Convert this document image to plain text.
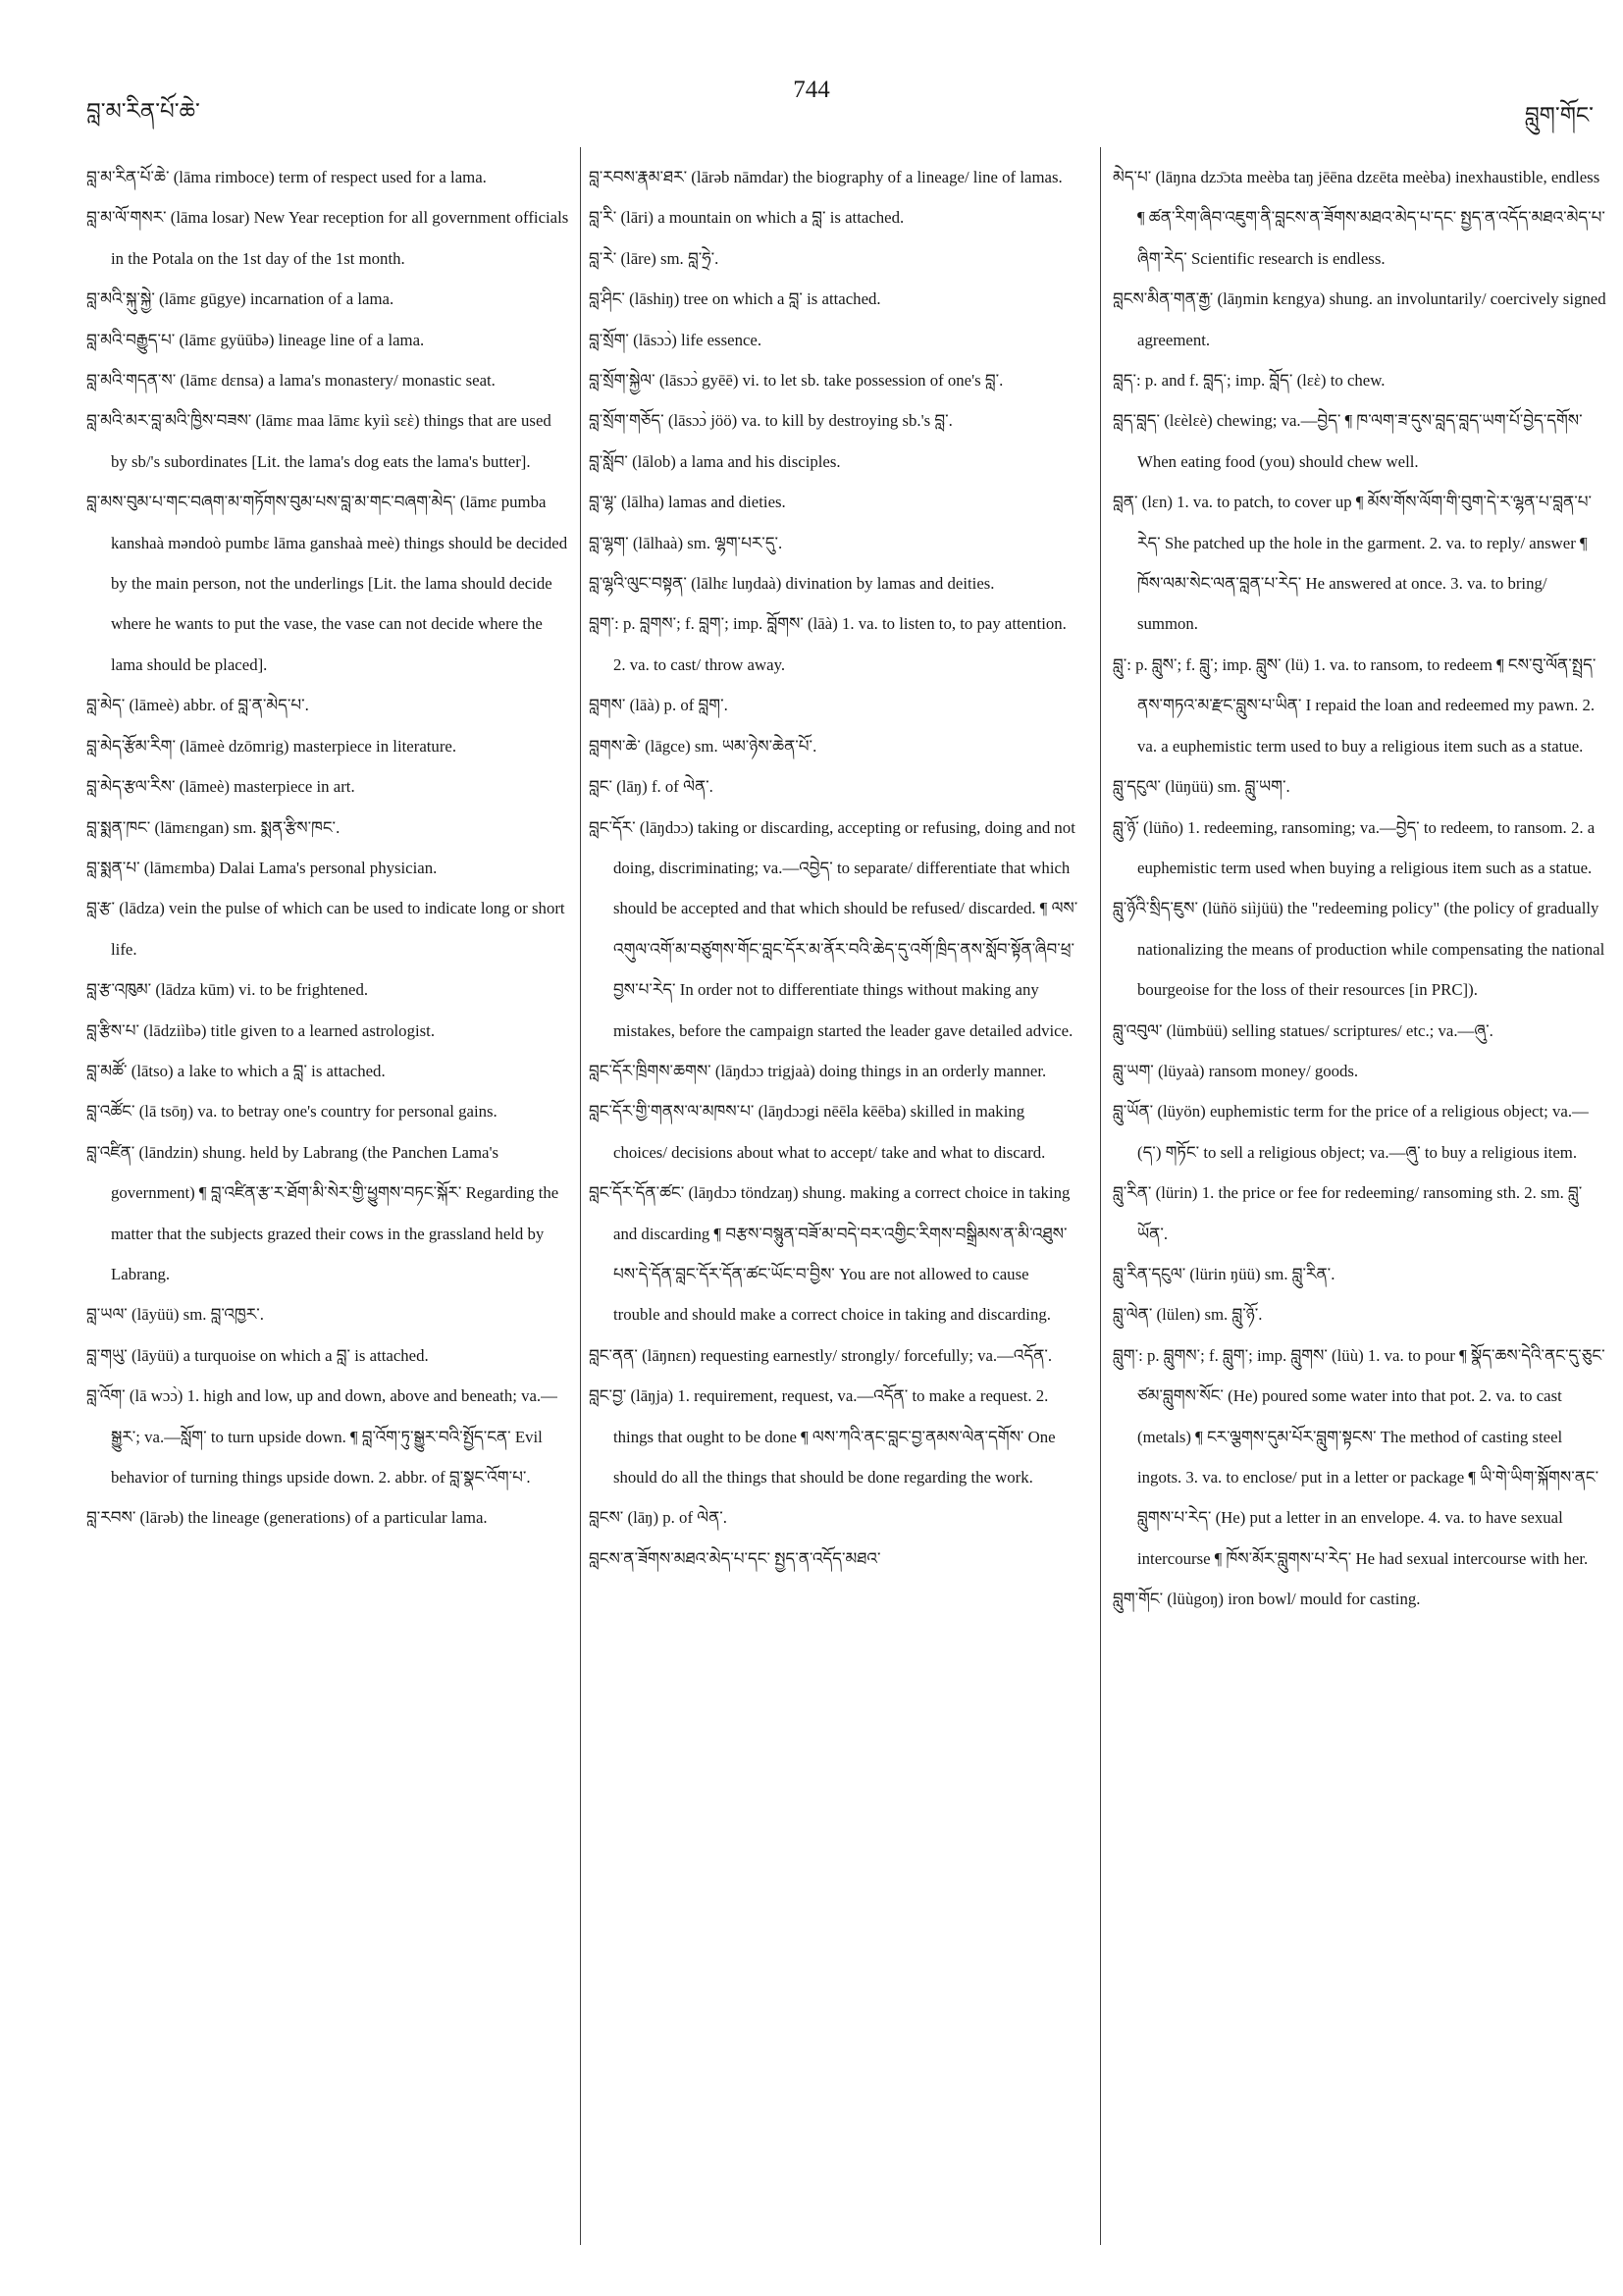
བླ་མ་རིན་པོ་ཆེ་
744
བླུག་གོང་

བླ་མ་རིན་པོ་ཆེ་ (lāma rimboce) term of respect used for a lama.

བླ་མ་ལོ་གསར་ (lāma losar) New Year reception for all government officials in the Potala on the 1st day of the 1st month.

བླ་མའི་སྐུ་སྐྱེ་ (lāmε gūgye) incarnation of a lama.

བླ་མའི་བརྒྱུད་པ་ (lāmε gyüūbə) lineage line of a lama.

བླ་མའི་གདན་ས་ (lāmε dεnsa) a lama's monastery/ monastic seat.

བླ་མའི་མར་བླ་མའི་ཁྱིས་བཟས་ (lāmε maa lāmε kyiì sεὲ) things that are used by sb/'s subordinates [Lit. the lama's dog eats the lama's butter].

བླ་མས་བུམ་པ་གང་བཞག་མ་གཏོགས་བུམ་པས་བླ་མ་གང་བཞག་མེད་ (lāmε pumba kanshaà məndoò pumbε lāma ganshaà meè) things should be decided by the main person, not the underlings [Lit. the lama should decide where he wants to put the vase, the vase can not decide where the lama should be placed].

བླ་མེད་ (lāmeè) abbr. of བླ་ན་མེད་པ་.

བླ་མེད་རྩོམ་རིག་ (lāmeè dzōmrig) masterpiece in literature.

བླ་མེད་རྩལ་རིས་ (lāmeè) masterpiece in art.

བླ་སྨན་ཁང་ (lāmεngan) sm. སྨན་རྩིས་ཁང་.

བླ་སྨན་པ་ (lāmεmba) Dalai Lama's personal physician.

བླ་རྩ་ (lādza) vein the pulse of which can be used to indicate long or short life.

བླ་རྩ་འཁུམ་ (lādza kūm) vi. to be frightened.

བླ་རྩིས་པ་ (lādziìbə) title given to a learned astrologist.

བླ་མཚོ་ (lātso) a lake to which a བླ་ is attached.

བླ་འཚོང་ (lā tsōŋ) va. to betray one's country for personal gains.

བླ་འཛིན་ (lāndzin) shung. held by Labrang (the Panchen Lama's government) ¶ བླ་འཛིན་རྩ་ར་ཐོག་མི་སེར་གྱི་ཕྱུགས་བཏང་སྐོར་ Regarding the matter that the subjects grazed their cows in the grassland held by Labrang.

བླ་ཡལ་ (lāyüü) sm. བླ་འཁྱར་.

བླ་གཡུ་ (lāyüü) a turquoise on which a བླ་ is attached.

བླ་འོག་ (lā wɔɔ̀) 1. high and low, up and down, above and beneath; va.—སྒྱུར་; va.—སློག་ to turn upside down. ¶ བླ་འོག་ཏུ་སྒྱུར་བའི་སྤྱོད་ངན་ Evil behavior of turning things upside down. 2. abbr. of བླ་སྣང་འོག་པ་.

བླ་རབས་ (lārəb) the lineage (generations) of a particular lama.

བླ་རབས་རྣམ་ཐར་ (lārəb nāmdar) the biography of a lineage/ line of lamas.

བླ་རི་ (lāri) a mountain on which a བླ་ is attached.

བླ་རེ་ (lāre) sm. བླ་ཧྲེ་.

བླ་ཤིང་ (lāshiŋ) tree on which a བླ་ is attached.

བླ་སྲོག་ (lāsɔɔ̀) life essence.

བླ་སྲོག་སྐྱེལ་ (lāsɔɔ̀ gyēē) vi. to let sb. take possession of one's བླ་.

བླ་སྲོག་གཅོད་ (lāsɔɔ̀ jöö) va. to kill by destroying sb.'s བླ་.

བླ་སློབ་ (lālob) a lama and his disciples.

བླ་ལྷ་ (lālha) lamas and dieties.

བླ་ལྷག་ (lālhaà) sm. ལྷག་པར་དུ་.

བླ་ལྷའི་ལུང་བསྟན་ (lālhε luŋdaà) divination by lamas and deities.

བླག་: p. བླགས་; f. བླག་; imp. བློགས་ (lāà) 1. va. to listen to, to pay attention. 2. va. to cast/ throw away.

བླགས་ (lāà) p. of བླག་.

བླགས་ཆེ་ (lāgce) sm. ཡམ་ཉེས་ཆེན་པོ་.

བླང་ (lāŋ) f. of ལེན་.

བླང་དོར་ (lāŋdɔɔ) taking or discarding, accepting or refusing, doing and not doing, discriminating; va.—འབྱེད་ to separate/ differentiate that which should be accepted and that which should be refused/ discarded. ¶ ལས་འགུལ་འགོ་མ་བཙུགས་གོང་བླང་དོར་མ་ནོར་བའི་ཆེད་དུ་འགོ་ཁྲིད་ནས་སློབ་སྟོན་ཞིབ་ཕྲ་བྱས་པ་རེད་ In order not to differentiate things without making any mistakes, before the campaign started the leader gave detailed advice.

བླང་དོར་ཁྲིགས་ཆགས་ (lāŋdɔɔ trigjaà) doing things in an orderly manner.

བླང་དོར་གྱི་གནས་ལ་མཁས་པ་ (lāŋdɔɔgi nēēla kēēba) skilled in making choices/ decisions about what to accept/ take and what to discard.

བླང་དོར་དོན་ཚང་ (lāŋdɔɔ töndzaŋ) shung. making a correct choice in taking and discarding ¶ བརྩས་བསྙུན་བཟོ་མ་བདེ་བར་འགྱིང་རིགས་བསྒྲིམས་ན་མི་འཐུས་པས་དེ་དོན་བླང་དོར་དོན་ཚང་ཡོང་བ་བྱིས་ You are not allowed to cause trouble and should make a correct choice in taking and discarding.

བླང་ནན་ (lāŋnεn) requesting earnestly/ strongly/ forcefully; va.—འདོན་.

བླང་བྱ་ (lāŋja) 1. requirement, request, va.—འདོན་ to make a request. 2. things that ought to be done ¶ ལས་ཀའི་ནང་བླང་བྱ་ནམས་ལེན་དགོས་ One should do all the things that should be done regarding the work.

བླངས་ (lāŋ) p. of ལེན་.

བླངས་ན་ཟོགས་མཐའ་མེད་པ་དང་ སྤྱད་ན་འདོད་མཐའ་

མེད་པ་ (lāŋna dzɔ̄ɔta meèba taŋ jēēna dzεēta meèba) inexhaustible, endless ¶ ཚན་རིག་ཞིབ་འཇུག་ནི་བླངས་ན་ཟོགས་མཐའ་མེད་པ་དང་ སྤྱད་ན་འདོད་མཐའ་མེད་པ་ཞིག་རེད་ Scientific research is endless.

བླངས་མིན་གན་རྒྱ་ (lāŋmin kεngya) shung. an involuntarily/ coercively signed agreement.

བླད་: p. and f. བླད་; imp. བློད་ (lεὲ) to chew.

བླད་བླད་ (lεèlεè) chewing; va.—བྱེད་ ¶ ཁ་ལག་ཟ་དུས་བླད་བླད་ཡག་པོ་བྱེད་དགོས་ When eating food (you) should chew well.

བླན་ (lεn) 1. va. to patch, to cover up ¶ མོས་གོས་ལོག་གི་བུག་དེ་ར་ལྷན་པ་བླན་པ་རེད་ She patched up the hole in the garment. 2. va. to reply/ answer ¶ ཁོས་ལམ་སེང་ལན་བླན་པ་རེད་ He answered at once. 3. va. to bring/ summon.

བླུ་: p. བླུས་; f. བླུ་; imp. བླུས་ (lü) 1. va. to ransom, to redeem ¶ ངས་བུ་ལོན་སྤྲད་ནས་གཏའ་མ་རྫང་བླུས་པ་ཡིན་ I repaid the loan and redeemed my pawn. 2. va. a euphemistic term used to buy a religious item such as a statue.

བླུ་དངུལ་ (lüŋüü) sm. བླུ་ཡག་.

བླུ་ཉོ་ (lüño) 1. redeeming, ransoming; va.—བྱེད་ to redeem, to ransom. 2. a euphemistic term used when buying a religious item such as a statue.

བླུ་ཉོའི་སྲིད་ཇུས་ (lüñö siìjüü) the "redeeming policy" (the policy of gradually nationalizing the means of production while compensating the national bourgeoise for the loss of their resources [in PRC]).

བླུ་འབུལ་ (lümbüü) selling statues/ scriptures/ etc.; va.—ཞུ་.

བླུ་ཡག་ (lüyaà) ransom money/ goods.

བླུ་ཡོན་ (lüyön) euphemistic term for the price of a religious object; va.—(ད་) གཏོང་ to sell a religious object; va.—ཞུ་ to buy a religious item.

བླུ་རིན་ (lürin) 1. the price or fee for redeeming/ ransoming sth. 2. sm. བླུ་ཡོན་.

བླུ་རིན་དངུལ་ (lürin ŋüü) sm. བླུ་རིན་.

བླུ་ལེན་ (lülen) sm. བླུ་ཉོ་.

བླུག་: p. བླུགས་; f. བླུག་; imp. བླུགས་ (lüù) 1. va. to pour ¶ སྣོད་ཆས་དེའི་ནང་དུ་ཅུང་ཙམ་བླུགས་སོང་ (He) poured some water into that pot. 2. va. to cast (metals) ¶ ངར་ལྕགས་དུམ་པོར་བླུག་སྟངས་ The method of casting steel ingots. 3. va. to enclose/ put in a letter or package ¶ ཡི་གེ་ཡིག་སྐོགས་ནང་བླུགས་པ་རེད་ (He) put a letter in an envelope. 4. va. to have sexual intercourse ¶ ཁོས་མོར་བླུགས་པ་རེད་ He had sexual intercourse with her.

བླུག་གོང་ (lüùgoŋ) iron bowl/ mould for casting.
